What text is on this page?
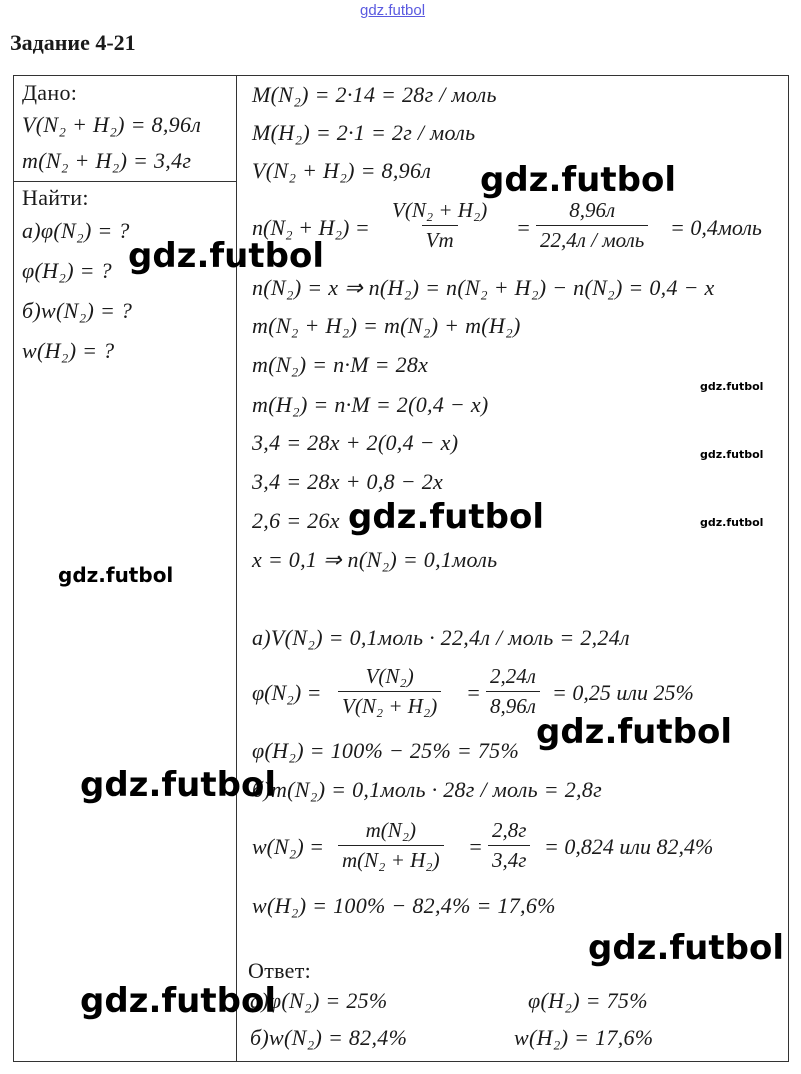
gdz.futbol
Задание 4-21
Дано:
V(N₂ + H₂) = 8,96л
m(N₂ + H₂) = 3,4г
Найти:
а)φ(N₂) = ?
φ(H₂) = ?
б)w(N₂) = ?
w(H₂) = ?
M(N₂) = 2·14 = 28г / моль
M(H₂) = 2·1 = 2г / моль
V(N₂ + H₂) = 8,96л
$n(N_2 + H_2) = \frac{\text{V(N₂ + H₂)}}{Vm}$ =
8,96л
22,4л / моль = 0,4моль
n(N₂) = x ⇒ n(H₂) = n(N₂ + H₂) − n(N₂) = 0,4 − x
m(N₂ + H₂) = m(N₂) + m(H₂)
m(N₂) = n·M = 28x
m(H₂) = n·M = 2(0,4 − x)
3,4 = 28x + 2(0,4 − x)
3,4 = 28x + 0,8 − 2x
2,6 = 26x
x = 0,1 ⇒ n(N₂) = 0,1моль
а)V(N₂) = 0,1моль · 22,4л / моль = 2,24л
$\varphi(N_2) = \frac{\text{V(N₂)}}{\text{V(N₂ + H₂)}}$ =
2,24л
8,96л
= 0,25 или 25%
φ(H₂) = 100% − 25% = 75%
б)m(N₂) = 0,1моль · 28г / моль = 2,8г
$w(N_2) = \frac{\text{m(N₂)}}{\text{m(N₂ + H₂)}}$ =
2,8г
3,4г
= 0,824 или 82,4%
w(H₂) = 100% − 82,4% = 17,6%
Ответ:
а)φ(N₂) = 25%	φ(H₂) = 75%
б)w(N₂) = 82,4%	w(H₂) = 17,6%
gdz.futbol
gdz.futbol
gdz.futbol
gdz.futbol
gdz.futbol	gdz.futbol
gdz.futbol
gdz.futbol
gdz.futbol
gdz.futbol
gdz.futbol
